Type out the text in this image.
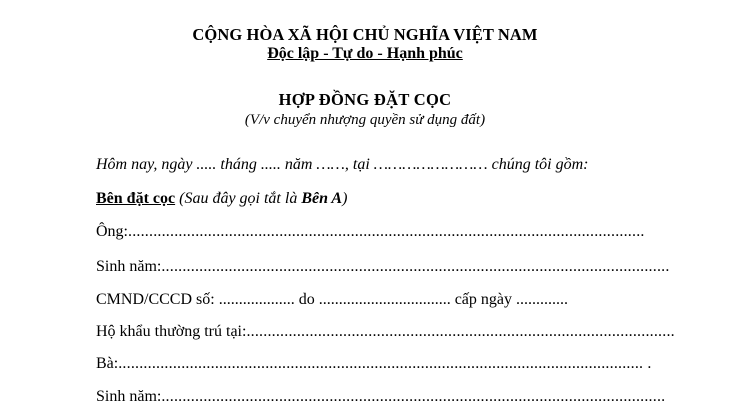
CỘNG HÒA XÃ HỘI CHỦ NGHĨA VIỆT NAM
Độc lập - Tự do - Hạnh phúc
HỢP ĐỒNG ĐẶT CỌC
(V/v chuyển nhượng quyền sử dụng đất)
Hôm nay, ngày ..... tháng ..... năm ……, tại …………………… chúng tôi gồm:
Bên đặt cọc (Sau đây gọi tắt là Bên A)
Ông: ...........................................................................................................................
Sinh năm: .........................................................................................................................
CMND/CCCD số: ................... do ................................. cấp ngày .............
Hộ khẩu thường trú tại: ......................................................................................................
Bà: ............................................................................................................................. .
Sinh năm: ........................................................................................................................
